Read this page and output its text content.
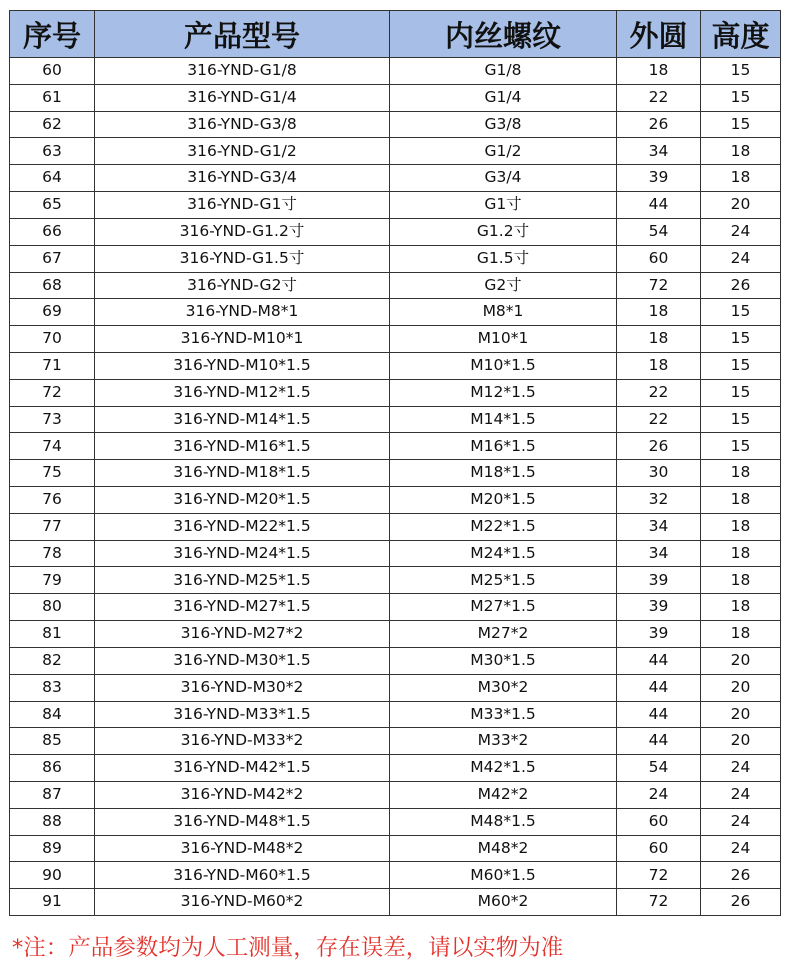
序号	产品型号	内丝螺纹	外圆	高度
60	316-YND-G1/8	G1/8	18	15
61	316-YND-G1/4	G1/4	22	15
62	316-YND-G3/8	G3/8	26	15
63	316-YND-G1/2	G1/2	34	18
64	316-YND-G3/4	G3/4	39	18
65	316-YND-G1寸	G1寸	44	20
66	316-YND-G1.2寸	G1.2寸	54	24
67	316-YND-G1.5寸	G1.5寸	60	24
68	316-YND-G2寸	G2寸	72	26
69	316-YND-M8*1	M8*1	18	15
70	316-YND-M10*1	M10*1	18	15
71	316-YND-M10*1.5	M10*1.5	18	15
72	316-YND-M12*1.5	M12*1.5	22	15
73	316-YND-M14*1.5	M14*1.5	22	15
74	316-YND-M16*1.5	M16*1.5	26	15
75	316-YND-M18*1.5	M18*1.5	30	18
76	316-YND-M20*1.5	M20*1.5	32	18
77	316-YND-M22*1.5	M22*1.5	34	18
78	316-YND-M24*1.5	M24*1.5	34	18
79	316-YND-M25*1.5	M25*1.5	39	18
80	316-YND-M27*1.5	M27*1.5	39	18
81	316-YND-M27*2	M27*2	39	18
82	316-YND-M30*1.5	M30*1.5	44	20
83	316-YND-M30*2	M30*2	44	20
84	316-YND-M33*1.5	M33*1.5	44	20
85	316-YND-M33*2	M33*2	44	20
86	316-YND-M42*1.5	M42*1.5	54	24
87	316-YND-M42*2	M42*2	24	24
88	316-YND-M48*1.5	M48*1.5	60	24
89	316-YND-M48*2	M48*2	60	24
90	316-YND-M60*1.5	M60*1.5	72	26
91	316-YND-M60*2	M60*2	72	26
*注：产品参数均为人工测量，存在误差，请以实物为准
